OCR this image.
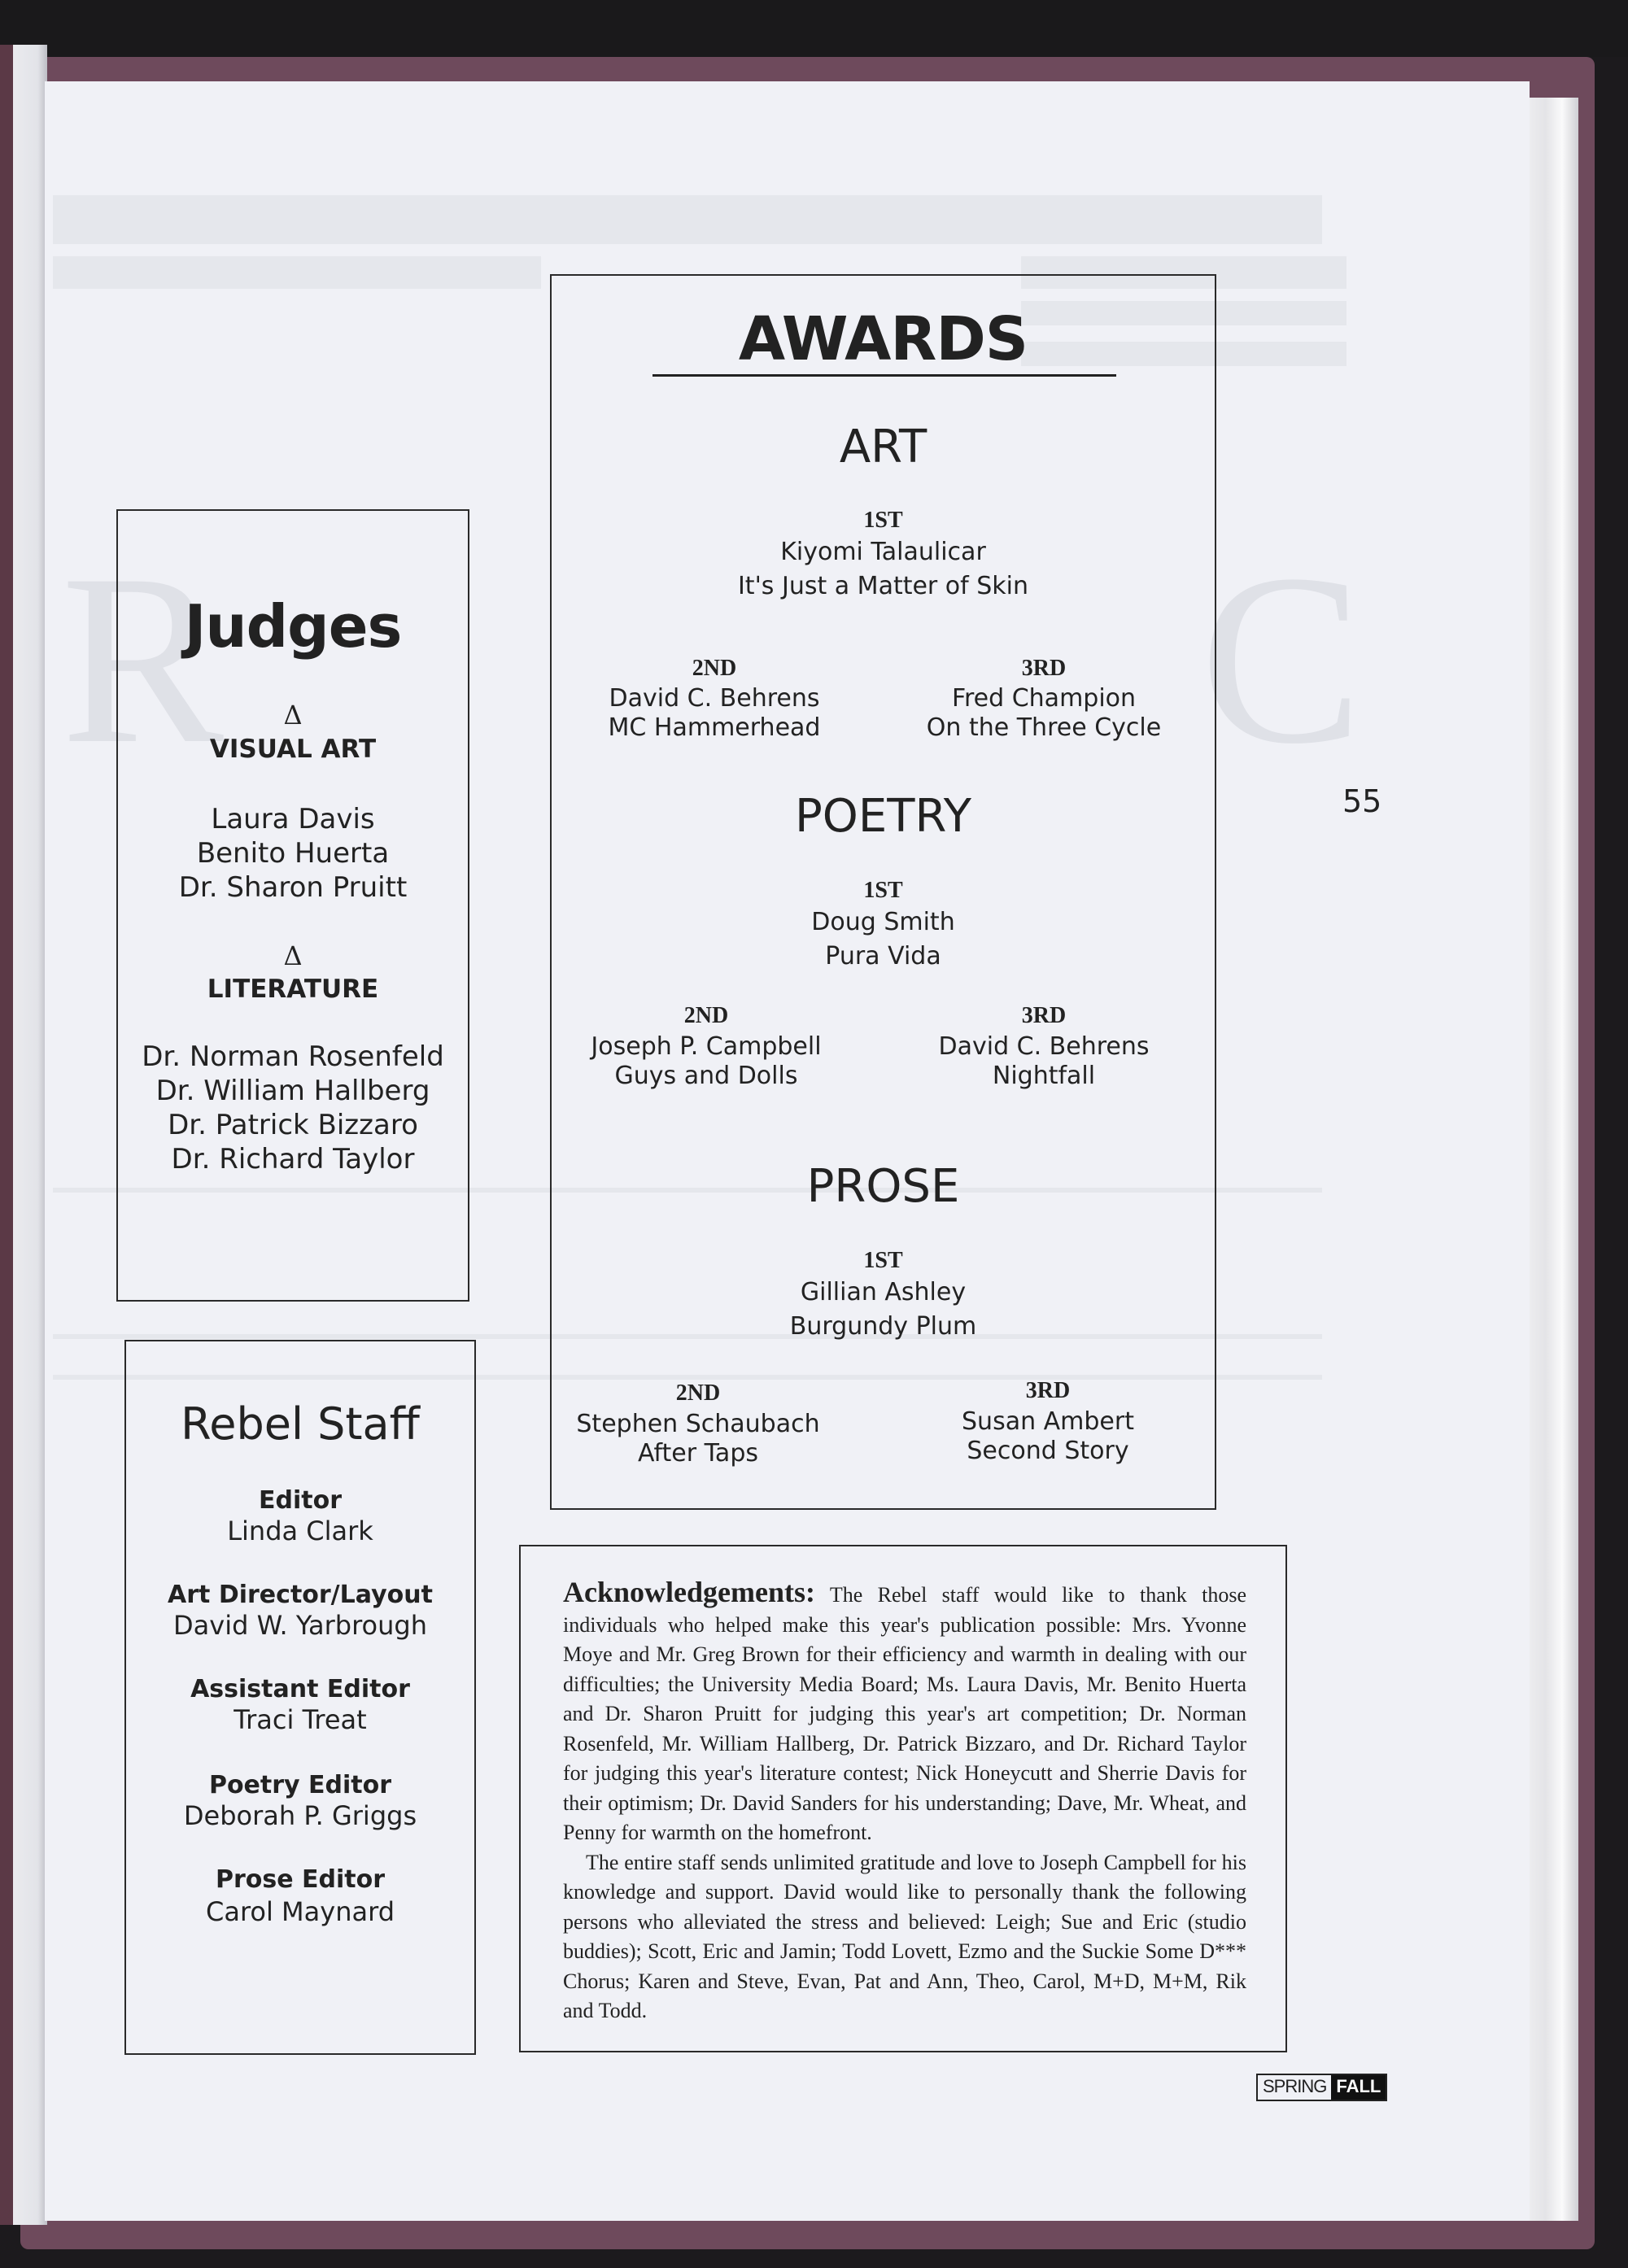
R	C
Judges
Δ
VISUAL ART
Laura Davis
Benito Huerta
Dr. Sharon Pruitt
Δ
LITERATURE
Dr. Norman Rosenfeld
Dr. William Hallberg
Dr. Patrick Bizzaro
Dr. Richard Taylor
Rebel Staff
Editor
Linda Clark
Art Director/Layout
David W. Yarbrough
Assistant Editor
Traci Treat
Poetry Editor
Deborah P. Griggs
Prose Editor
Carol Maynard
AWARDS
ART
1ST
Kiyomi Talaulicar
It's Just a Matter of Skin
2ND
David C. Behrens
MC Hammerhead
3RD
Fred Champion
On the Three Cycle
POETRY
1ST
Doug Smith
Pura Vida
2ND
Joseph P. Campbell
Guys and Dolls
3RD
David C. Behrens
Nightfall
PROSE
1ST
Gillian Ashley
Burgundy Plum
2ND
Stephen Schaubach
After Taps
3RD
Susan Ambert
Second Story
Acknowledgements: The Rebel staff would like to thank those individuals who helped make this year's publication possible: Mrs. Yvonne Moye and Mr. Greg Brown for their efficiency and warmth in dealing with our difficulties; the University Media Board; Ms. Laura Davis, Mr. Benito Huerta and Dr. Sharon Pruitt for judging this year's art competition; Dr. Norman Rosenfeld, Mr. William Hallberg, Dr. Patrick Bizzaro, and Dr. Richard Taylor for judging this year's literature contest; Nick Honeycutt and Sherrie Davis for their optimism; Dr. David Sanders for his understanding; Dave, Mr. Wheat, and Penny for warmth on the homefront.
The entire staff sends unlimited gratitude and love to Joseph Campbell for his knowledge and support. David would like to personally thank the following persons who alleviated the stress and believed: Leigh; Sue and Eric (studio buddies); Scott, Eric and Jamin; Todd Lovett, Ezmo and the Suckie Some D*** Chorus; Karen and Steve, Evan, Pat and Ann, Theo, Carol, M+D, M+M, Rik and Todd.
55
SPRING FALL
